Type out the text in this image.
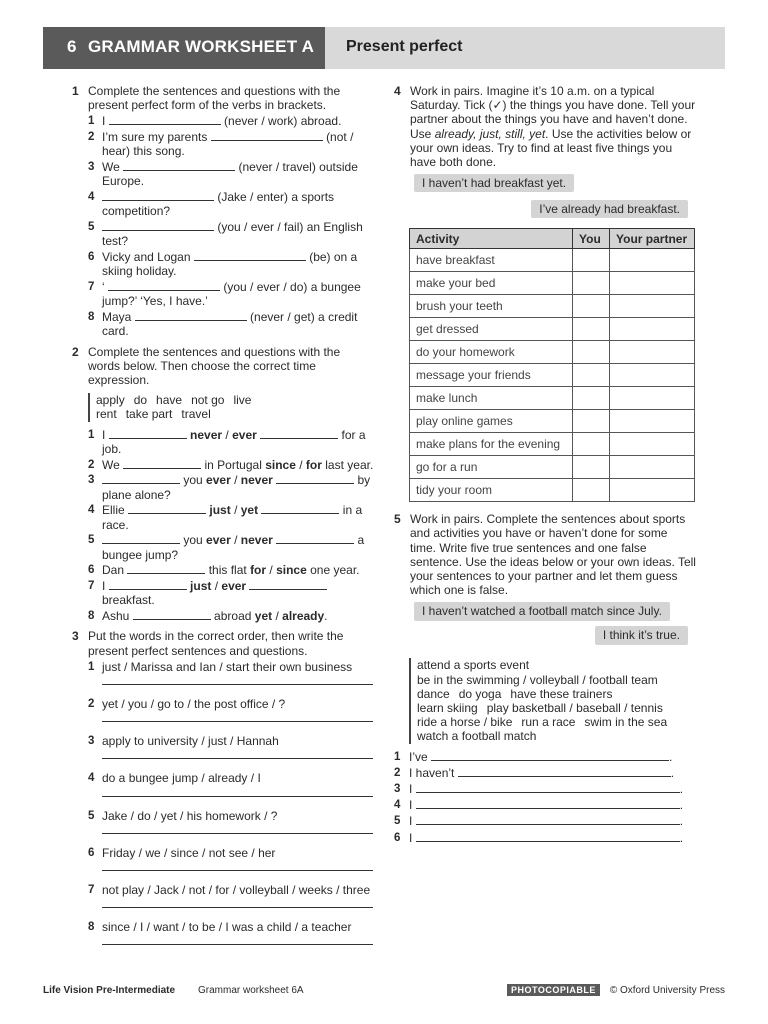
6 GRAMMAR WORKSHEET A Present perfect
1 Complete the sentences and questions with the present perfect form of the verbs in brackets.

1 I	(never / work) abroad.
2 I’m sure my parents	(not / hear) this song.
3 We	(never / travel) outside Europe.
4	(Jake / enter) a sports competition?
5	(you / ever / fail) an English test?
6 Vicky and Logan	(be) on a skiing holiday.
7 ‘	(you / ever / do) a bungee jump?’ ‘Yes, I have.’
8 Maya	(never / get) a credit card.
2 Complete the sentences and questions with the words below. Then choose the correct time expression.

apply do have not go live
rent take part travel
1 I	never / ever	for a job.
2 We	in Portugal since / for last year.
3	you ever / never	by plane alone?
4 Ellie	just / yet	in a race.
5	you ever / never	a bungee jump?
6 Dan	this flat for / since one year.
7 I	just / ever  breakfast.
8 Ashu	abroad yet / already.
3 Put the words in the correct order, then write the present perfect sentences and questions.

1 just / Marissa and Ian / start their own business
2 yet / you / go to / the post office / ?
3 apply to university / just / Hannah
4 do a bungee jump / already / I
5 Jake / do / yet / his homework / ?
6 Friday / we / since / not see / her
7 not play / Jack / not / for / volleyball / weeks / three
8 since / I / want / to be / I was a child / a teacher
4 Work in pairs. Imagine it’s 10 a.m. on a typical Saturday. Tick (✓) the things you have done. Tell your partner about the things you have and haven’t done. Use already, just, still, yet. Use the activities below or your own ideas. Try to find at least five things you have both done.

I haven’t had breakfast yet.
I’ve already had breakfast.
Activity	You	Your partner
have breakfast		
make your bed		
brush your teeth		
get dressed		
do your homework		
message your friends		
make lunch		
play online games		
make plans for the evening		
go for a run		
tidy your room		
5 Work in pairs. Complete the sentences about sports and activities you have or haven’t done for some time. Write five true sentences and one false sentence. Use the ideas below or your own ideas. Tell your sentences to your partner and let them guess which one is false.

I haven’t watched a football match since July.
I think it’s true.
attend a sports event
be in the swimming / volleyball / football team
dance do yoga have these trainers
learn skiing play basketball / baseball / tennis
ride a horse / bike run a race swim in the sea
watch a football match
1 I’ve	.
2 I haven’t	.
3 I	.
4 I	.
5 I	.
6 I	.
Life Vision Pre-Intermediate Grammar worksheet 6A	PHOTOCOPIABLE	© Oxford University Press
